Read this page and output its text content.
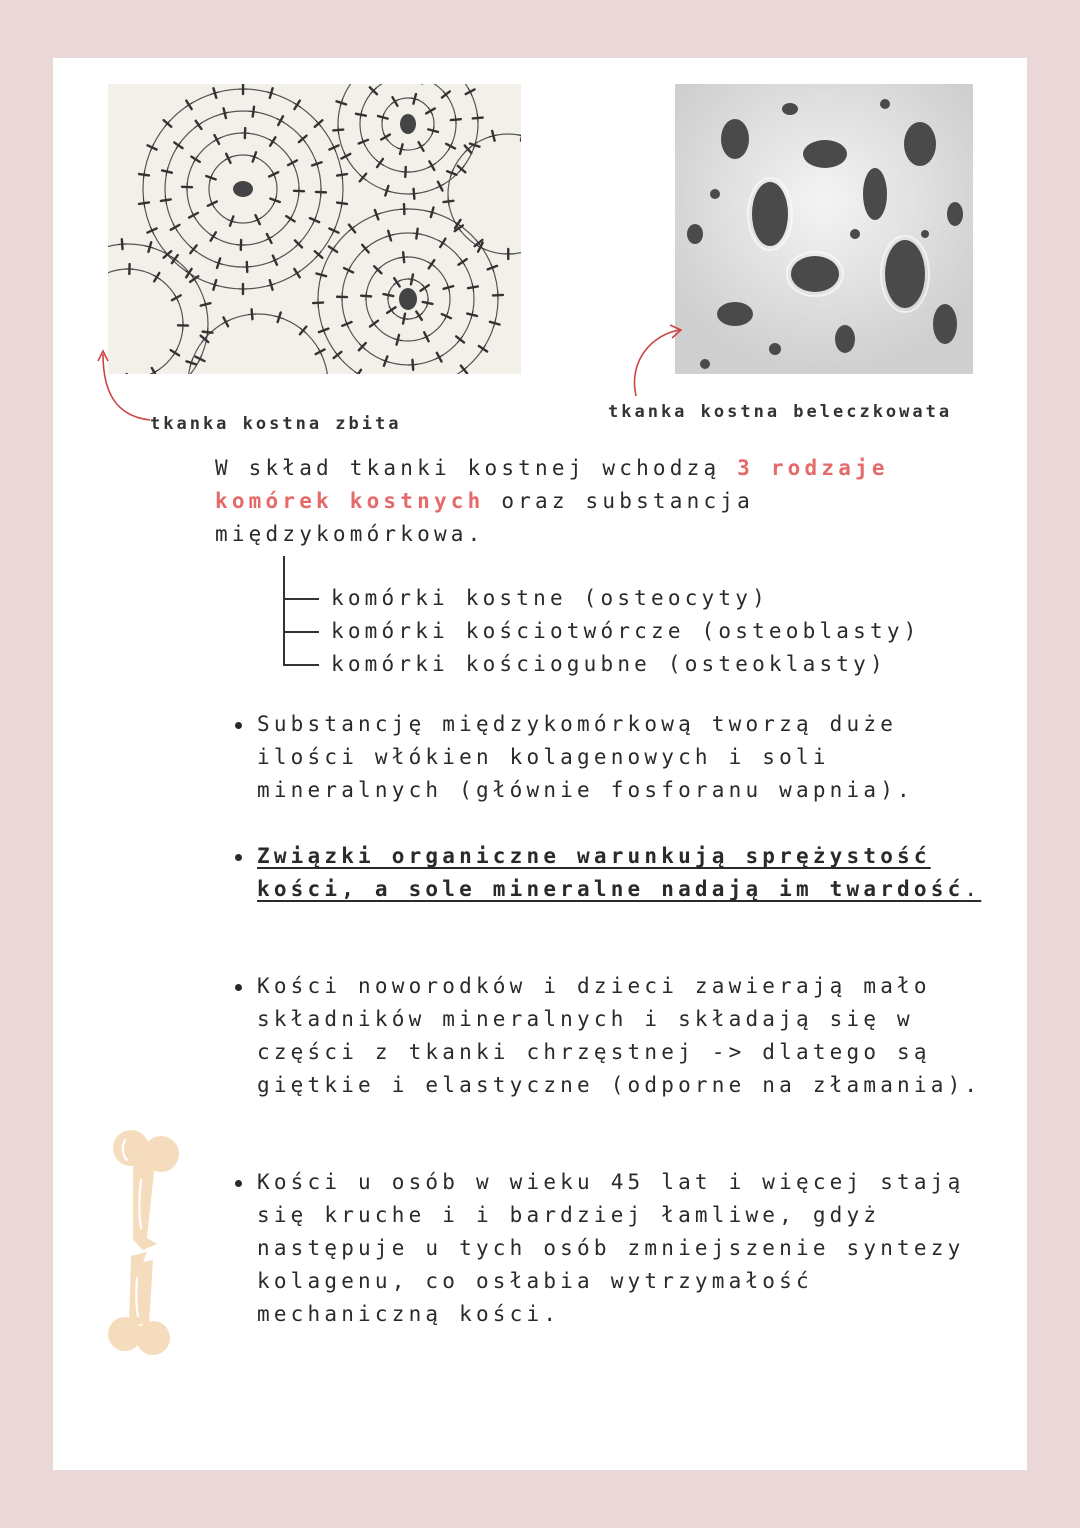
tkanka kostna zbita
tkanka kostna beleczkowata
W skład tkanki kostnej wchodzą 3 rodzaje komórek kostnych oraz substancja międzykomórkowa.
komórki kostne (osteocyty)
komórki kościotwórcze (osteoblasty)
komórki kościogubne (osteoklasty)
Substancję międzykomórkową tworzą duże ilości włókien kolagenowych i soli mineralnych (głównie fosforanu wapnia).
Związki organiczne warunkują sprężystość kości, a sole mineralne nadają im twardość.
Kości noworodków i dzieci zawierają mało składników mineralnych i składają się w części z tkanki chrzęstnej -> dlatego są giętkie i elastyczne (odporne na złamania).
Kości u osób w wieku 45 lat i więcej stają się kruche i i bardziej łamliwe, gdyż następuje u tych osób zmniejszenie syntezy kolagenu, co osłabia wytrzymałość mechaniczną kości.
